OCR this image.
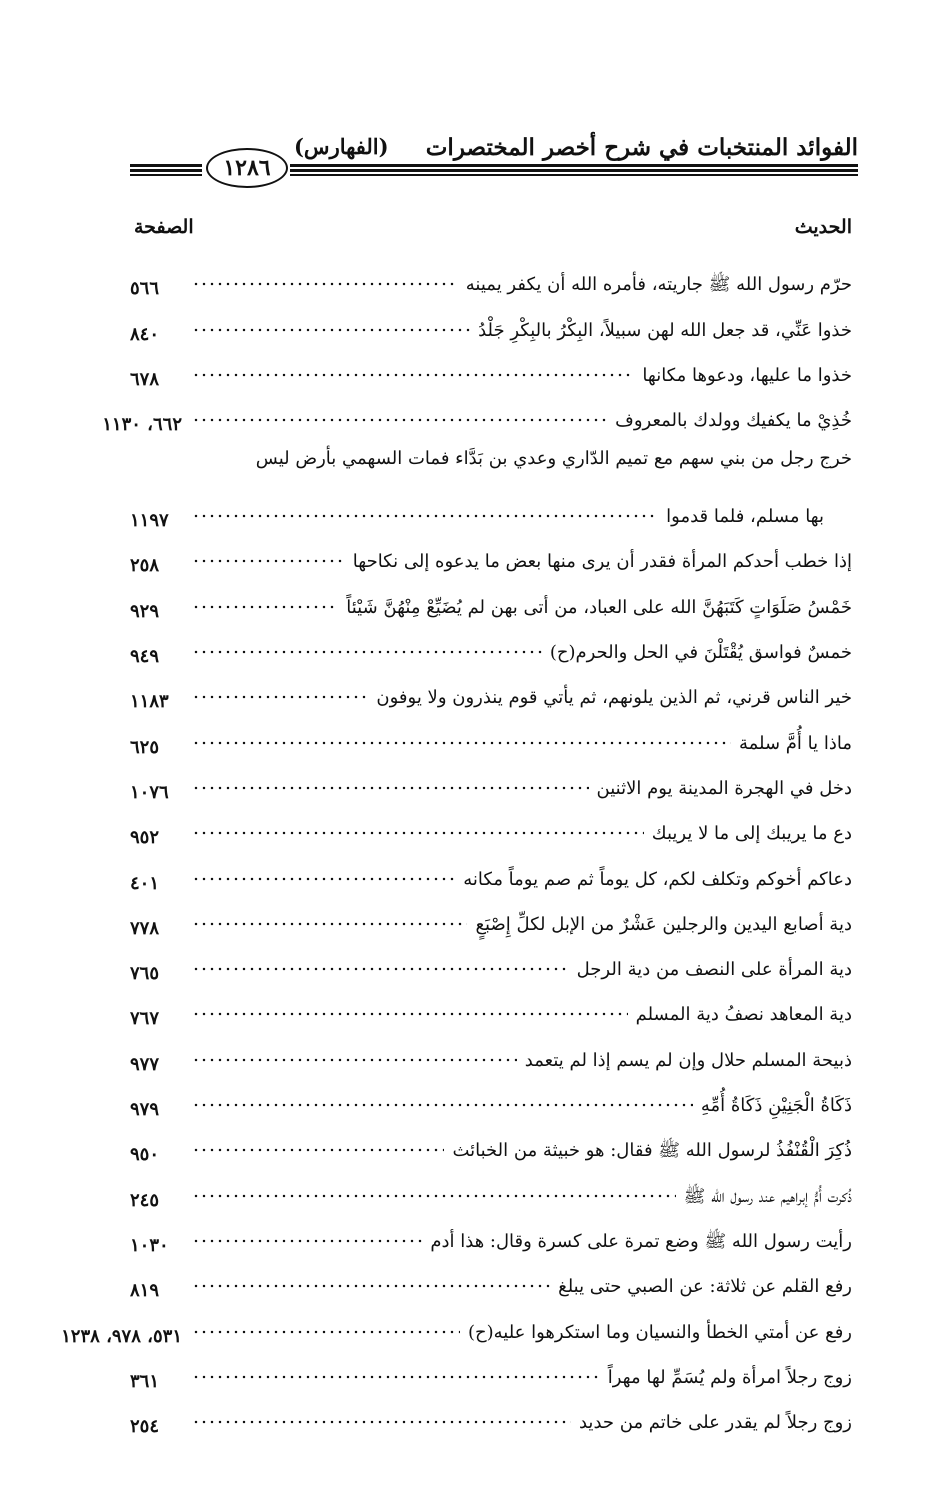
الفوائد المنتخبات في شرح أخصر المختصرات
(الفهارس)
١٢٨٦
الحديث
الصفحة
حرّم رسول الله ﷺ جاريته، فأمره الله أن يكفر يمينه
٥٦٦
خذوا عَنِّي، قد جعل الله لهن سبيلاً، البِكْرُ بالبِكْرِ جَلْدُ
٨٤٠
خذوا ما عليها، ودعوها مكانها
٦٧٨
خُذِيْ ما يكفيك وولدك بالمعروف
٦٦٢، ١١٣٠
خرج رجل من بني سهم مع تميم الدّاري وعدي بن بَدَّاء فمات السهمي بأرض ليس
بها مسلم، فلما قدموا
١١٩٧
إذا خطب أحدكم المرأة فقدر أن يرى منها بعض ما يدعوه إلى نكاحها
٢٥٨
خَمْسُ صَلَوَاتٍ كَتَبَهُنَّ الله على العباد، من أتى بهن لم يُضَيِّعْ مِنْهُنَّ شَيْئاً
٩٢٩
خمسٌ فواسق يُقْتَلْنَ في الحل والحرم(ح)
٩٤٩
خير الناس قرني، ثم الذين يلونهم، ثم يأتي قوم ينذرون ولا يوفون
١١٨٣
ماذا يا أُمَّ سلمة
٦٢٥
دخل في الهجرة المدينة يوم الاثنين
١٠٧٦
دع ما يريبك إلى ما لا يريبك
٩٥٢
دعاكم أخوكم وتكلف لكم، كل يوماً ثم صم يوماً مكانه
٤٠١
دية أصابع اليدين والرجلين عَشْرٌ من الإبل لكلِّ إِصْبَعٍ
٧٧٨
دية المرأة على النصف من دية الرجل
٧٦٥
دية المعاهد نصفُ دية المسلم
٧٦٧
ذبيحة المسلم حلال وإن لم يسم إذا لم يتعمد
٩٧٧
ذَكَاةُ الْجَنِيْنِ ذَكَاةُ أُمِّهِ
٩٧٩
ذُكِرَ الْقُنْفُذُ لرسول الله ﷺ فقال: هو خبيثة من الخبائث
٩٥٠
ذُكرت أُمُّ إبراهيم عند رسول الله ﷺ
٢٤٥
رأيت رسول الله ﷺ وضع تمرة على كسرة وقال: هذا أدم
١٠٣٠
رفع القلم عن ثلاثة: عن الصبي حتى يبلغ
٨١٩
رفع عن أمتي الخطأ والنسيان وما استكرهوا عليه(ح)
٥٣١، ٩٧٨، ١٢٣٨
زوج رجلاً امرأة ولم يُسَمِّ لها مهراً
٣٦١
زوج رجلاً لم يقدر على خاتم من حديد
٢٥٤
